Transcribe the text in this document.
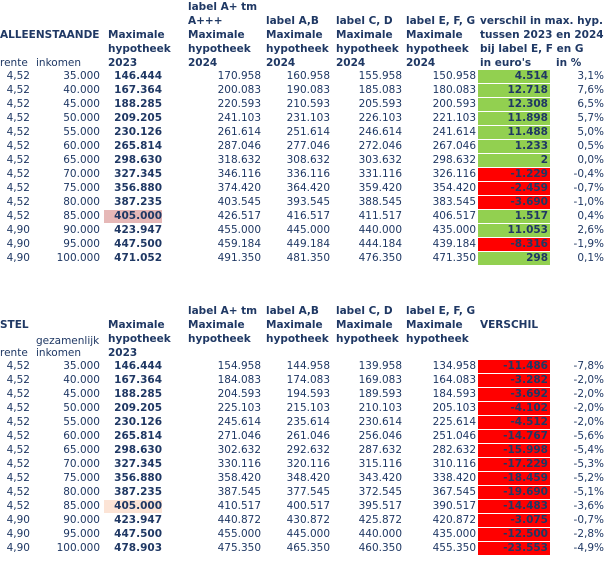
ALLEENSTAANDE Maximale
hypotheek
2023
label A+ tm
A+++
Maximale
hypotheek
2024
label A,B
Maximale
hypotheek
2024
label C, D
Maximale
hypotheek
2024
label E, F, G
Maximale
hypotheek
2024
verschil in max. hyp.
tussen 2023 en 2024
bij label E, F en G
in euro's	in %
rente inkomen
4,52	35.000	146.444	170.958	160.958	155.958	150.958	4.514	3,1%
4,52	40.000	167.364	200.083	190.083	185.083	180.083	12.718	7,6%
4,52	45.000	188.285	220.593	210.593	205.593	200.593	12.308	6,5%
4,52	50.000	209.205	241.103	231.103	226.103	221.103	11.898	5,7%
4,52	55.000	230.126	261.614	251.614	246.614	241.614	11.488	5,0%
4,52	60.000	265.814	287.046	277.046	272.046	267.046	1.233	0,5%
4,52	65.000	298.630	318.632	308.632	303.632	298.632	2	0,0%
4,52	70.000	327.345	346.116	336.116	331.116	326.116	-1.229	-0,4%
4,52	75.000	356.880	374.420	364.420	359.420	354.420	-2.459	-0,7%
4,52	80.000	387.235	403.545	393.545	388.545	383.545	-3.690	-1,0%
4,52	85.000	405.000	426.517	416.517	411.517	406.517	1.517	0,4%
4,90	90.000	423.947	455.000	445.000	440.000	435.000	11.053	2,6%
4,90	95.000	447.500	459.184	449.184	444.184	439.184	-8.316	-1,9%
4,90	100.000	471.052	491.350	481.350	476.350	471.350	298	0,1%
STEL
gezamenlijk
Maximale
hypotheek
2023
label A+ tm
Maximale
hypotheek
label A,B
Maximale
hypotheek
label C, D
Maximale
hypotheek
label E, F, G
Maximale
hypotheek
VERSCHIL
rente inkomen
4,52	35.000	146.444	154.958	144.958	139.958	134.958	-11.486	-7,8%
4,52	40.000	167.364	184.083	174.083	169.083	164.083	-3.282	-2,0%
4,52	45.000	188.285	204.593	194.593	189.593	184.593	-3.692	-2,0%
4,52	50.000	209.205	225.103	215.103	210.103	205.103	-4.102	-2,0%
4,52	55.000	230.126	245.614	235.614	230.614	225.614	-4.512	-2,0%
4,52	60.000	265.814	271.046	261.046	256.046	251.046	-14.767	-5,6%
4,52	65.000	298.630	302.632	292.632	287.632	282.632	-15.998	-5,4%
4,52	70.000	327.345	330.116	320.116	315.116	310.116	-17.229	-5,3%
4,52	75.000	356.880	358.420	348.420	343.420	338.420	-18.459	-5,2%
4,52	80.000	387.235	387.545	377.545	372.545	367.545	-19.690	-5,1%
4,52	85.000	405.000	410.517	400.517	395.517	390.517	-14.483	-3,6%
4,90	90.000	423.947	440.872	430.872	425.872	420.872	-3.075	-0,7%
4,90	95.000	447.500	455.000	445.000	440.000	435.000	-12.500	-2,8%
4,90	100.000	478.903	475.350	465.350	460.350	455.350	-23.553	-4,9%
